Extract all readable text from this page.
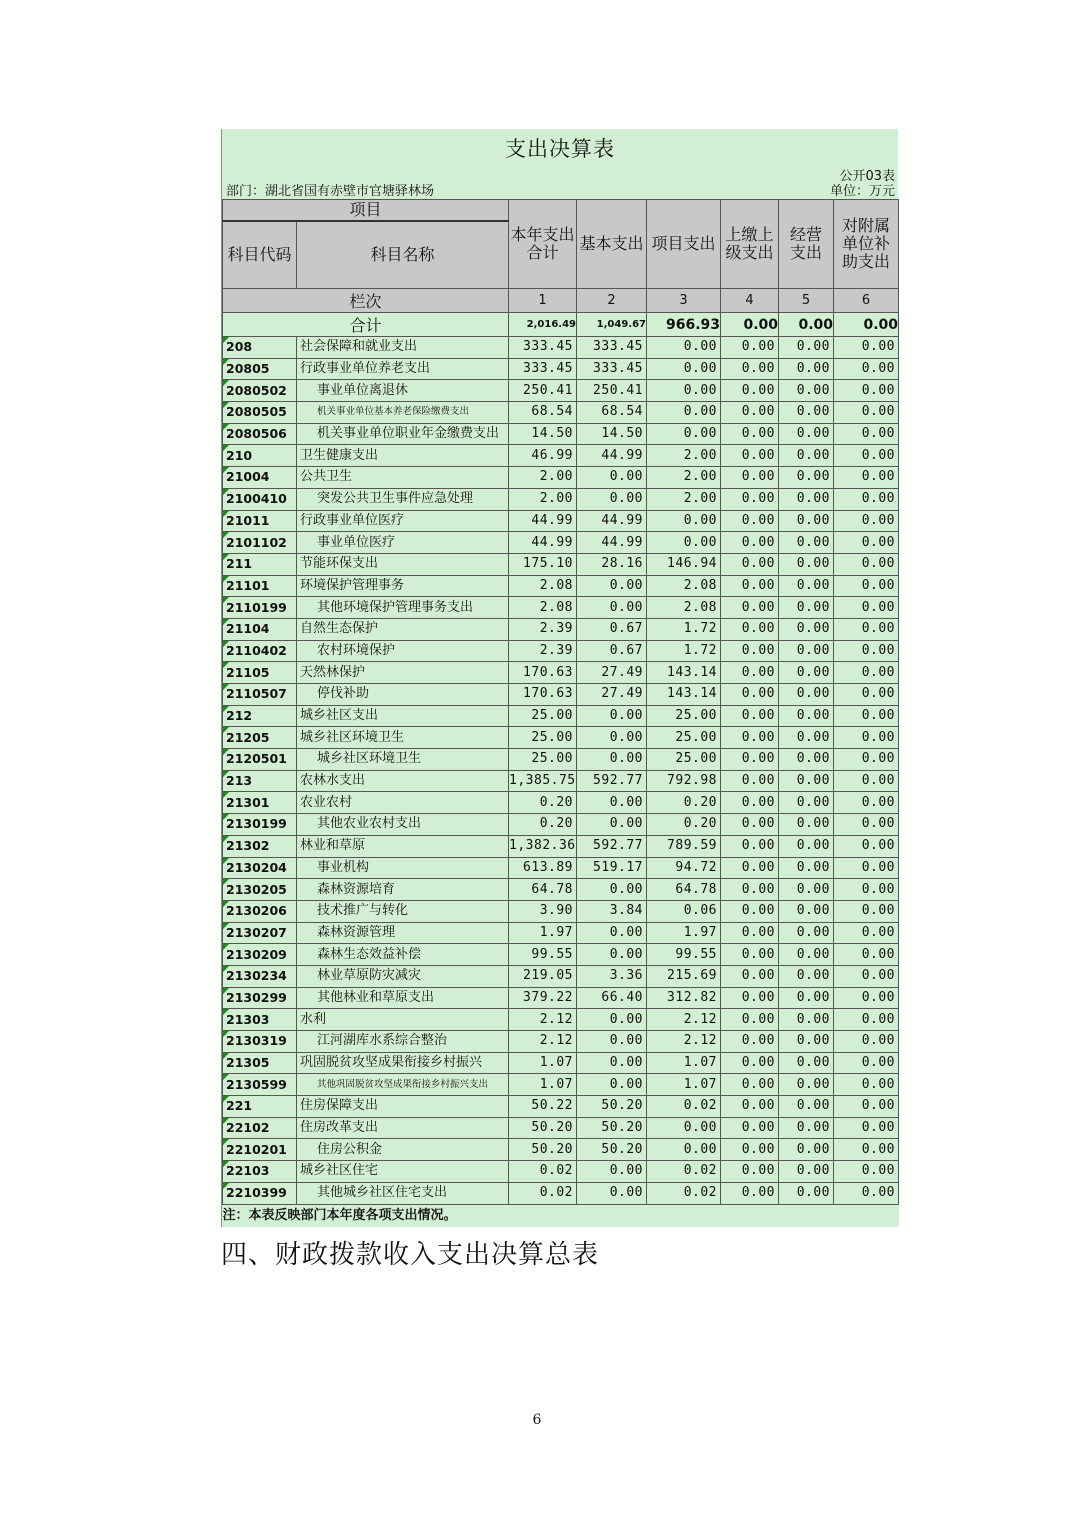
支出决算表
公开03表
部门：湖北省国有赤壁市官塘驿林场	单位：万元
项目		本年支出合计	基本支出	项目支出	上缴上级支出	经营支出	对附属单位补助支出
科目代码	科目名称						
栏次		1	2	3	4	5	6
合计		2,016.49	1,049.67	966.93	0.00	0.00	0.00
208	社会保障和就业支出	333.45	333.45	0.00	0.00	0.00	0.00
20805	行政事业单位养老支出	333.45	333.45	0.00	0.00	0.00	0.00
2080502	事业单位离退休	250.41	250.41	0.00	0.00	0.00	0.00
2080505	机关事业单位基本养老保险缴费支出	68.54	68.54	0.00	0.00	0.00	0.00
2080506	机关事业单位职业年金缴费支出	14.50	14.50	0.00	0.00	0.00	0.00
210	卫生健康支出	46.99	44.99	2.00	0.00	0.00	0.00
21004	公共卫生	2.00	0.00	2.00	0.00	0.00	0.00
2100410	突发公共卫生事件应急处理	2.00	0.00	2.00	0.00	0.00	0.00
21011	行政事业单位医疗	44.99	44.99	0.00	0.00	0.00	0.00
2101102	事业单位医疗	44.99	44.99	0.00	0.00	0.00	0.00
211	节能环保支出	175.10	28.16	146.94	0.00	0.00	0.00
21101	环境保护管理事务	2.08	0.00	2.08	0.00	0.00	0.00
2110199	其他环境保护管理事务支出	2.08	0.00	2.08	0.00	0.00	0.00
21104	自然生态保护	2.39	0.67	1.72	0.00	0.00	0.00
2110402	农村环境保护	2.39	0.67	1.72	0.00	0.00	0.00
21105	天然林保护	170.63	27.49	143.14	0.00	0.00	0.00
2110507	停伐补助	170.63	27.49	143.14	0.00	0.00	0.00
212	城乡社区支出	25.00	0.00	25.00	0.00	0.00	0.00
21205	城乡社区环境卫生	25.00	0.00	25.00	0.00	0.00	0.00
2120501	城乡社区环境卫生	25.00	0.00	25.00	0.00	0.00	0.00
213	农林水支出	1,385.75	592.77	792.98	0.00	0.00	0.00
21301	农业农村	0.20	0.00	0.20	0.00	0.00	0.00
2130199	其他农业农村支出	0.20	0.00	0.20	0.00	0.00	0.00
21302	林业和草原	1,382.36	592.77	789.59	0.00	0.00	0.00
2130204	事业机构	613.89	519.17	94.72	0.00	0.00	0.00
2130205	森林资源培育	64.78	0.00	64.78	0.00	0.00	0.00
2130206	技术推广与转化	3.90	3.84	0.06	0.00	0.00	0.00
2130207	森林资源管理	1.97	0.00	1.97	0.00	0.00	0.00
2130209	森林生态效益补偿	99.55	0.00	99.55	0.00	0.00	0.00
2130234	林业草原防灾减灾	219.05	3.36	215.69	0.00	0.00	0.00
2130299	其他林业和草原支出	379.22	66.40	312.82	0.00	0.00	0.00
21303	水利	2.12	0.00	2.12	0.00	0.00	0.00
2130319	江河湖库水系综合整治	2.12	0.00	2.12	0.00	0.00	0.00
21305	巩固脱贫攻坚成果衔接乡村振兴	1.07	0.00	1.07	0.00	0.00	0.00
2130599	其他巩固脱贫攻坚成果衔接乡村振兴支出	1.07	0.00	1.07	0.00	0.00	0.00
221	住房保障支出	50.22	50.20	0.02	0.00	0.00	0.00
22102	住房改革支出	50.20	50.20	0.00	0.00	0.00	0.00
2210201	住房公积金	50.20	50.20	0.00	0.00	0.00	0.00
22103	城乡社区住宅	0.02	0.00	0.02	0.00	0.00	0.00
2210399	其他城乡社区住宅支出	0.02	0.00	0.02	0.00	0.00	0.00
注：本表反映部门本年度各项支出情况。							
四、财政拨款收入支出决算总表
6
